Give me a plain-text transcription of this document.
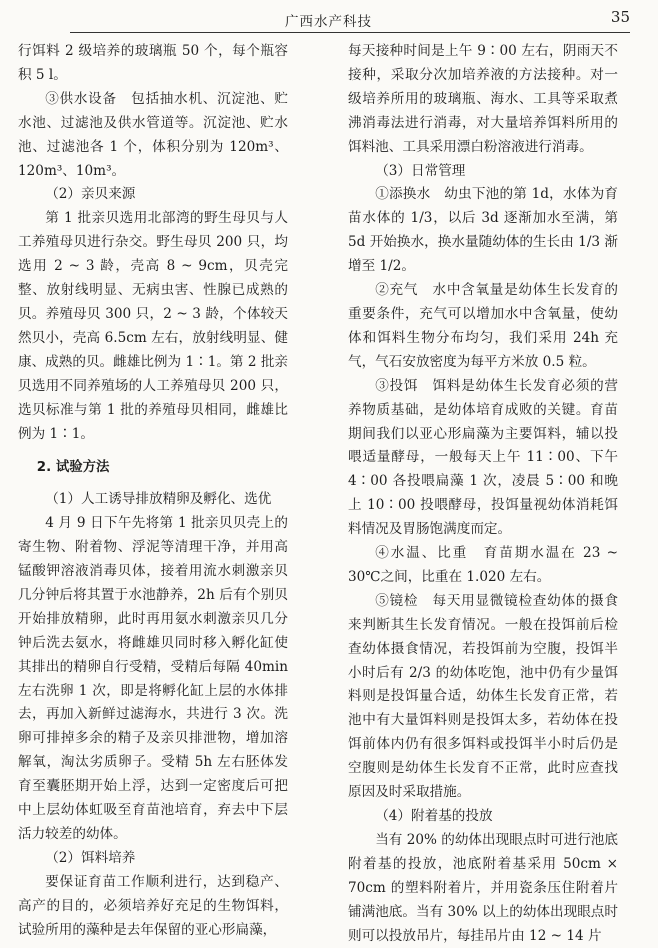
广西水产科技	35

行饵料 2 级培养的玻璃瓶 50 个，每个瓶容积 5 l。

③供水设备　包括抽水机、沉淀池、贮水池、过滤池及供水管道等。沉淀池、贮水池、过滤池各 1 个，体积分别为 120m³、120m³、10m³。

（2）亲贝来源

第 1 批亲贝选用北部湾的野生母贝与人工养殖母贝进行杂交。野生母贝 200 只，均选用 2 ~ 3 龄，壳高 8 ~ 9cm，贝壳完整、放射线明显、无病虫害、性腺已成熟的贝。养殖母贝 300 只，2 ~ 3 龄，个体较天然贝小，壳高 6.5cm 左右，放射线明显、健康、成熟的贝。雌雄比例为 1∶1。第 2 批亲贝选用不同养殖场的人工养殖母贝 200 只，选贝标准与第 1 批的养殖母贝相同，雌雄比例为 1∶1。

2. 试验方法

（1）人工诱导排放精卵及孵化、选优

4 月 9 日下午先将第 1 批亲贝贝壳上的寄生物、附着物、浮泥等清理干净，并用高锰酸钾溶液消毒贝体，接着用流水刺激亲贝几分钟后将其置于水池静养，2h 后有个别贝开始排放精卵，此时再用氨水刺激亲贝几分钟后洗去氨水，将雌雄贝同时移入孵化缸使其排出的精卵自行受精，受精后每隔 40min 左右洗卵 1 次，即是将孵化缸上层的水体排去，再加入新鲜过滤海水，共进行 3 次。洗卵可排掉多余的精子及亲贝排泄物，增加溶解氧，淘汰劣质卵子。受精 5h 左右胚体发育至囊胚期开始上浮，达到一定密度后可把中上层幼体虹吸至育苗池培育，弃去中下层活力较差的幼体。

（2）饵料培养

要保证育苗工作顺利进行，达到稳产、高产的目的，必须培养好充足的生物饵料，试验所用的藻种是去年保留的亚心形扁藻，

每天接种时间是上午 9∶00 左右，阴雨天不接种，采取分次加培养液的方法接种。对一级培养所用的玻璃瓶、海水、工具等采取煮沸消毒法进行消毒，对大量培养饵料所用的饵料池、工具采用漂白粉溶液进行消毒。

（3）日常管理

①添换水　幼虫下池的第 1d，水体为育苗水体的 1/3，以后 3d 逐渐加水至满，第 5d 开始换水，换水量随幼体的生长由 1/3 渐增至 1/2。

②充气　水中含氧量是幼体生长发育的重要条件，充气可以增加水中含氧量，使幼体和饵料生物分布均匀，我们采用 24h 充气，气石安放密度为每平方米放 0.5 粒。

③投饵　饵料是幼体生长发育必须的营养物质基础，是幼体培育成败的关键。育苗期间我们以亚心形扁藻为主要饵料，辅以投喂适量酵母，一般每天上午 11∶00、下午 4∶00 各投喂扁藻 1 次，凌晨 5∶00 和晚上 10∶00 投喂酵母，投饵量视幼体消耗饵料情况及胃肠饱满度而定。

④水温、比重　育苗期水温在 23 ~ 30℃之间，比重在 1.020 左右。

⑤镜检　每天用显微镜检查幼体的摄食来判断其生长发育情况。一般在投饵前后检查幼体摄食情况，若投饵前为空腹，投饵半小时后有 2/3 的幼体吃饱，池中仍有少量饵料则是投饵量合适，幼体生长发育正常，若池中有大量饵料则是投饵太多，若幼体在投饵前体内仍有很多饵料或投饵半小时后仍是空腹则是幼体生长发育不正常，此时应查找原因及时采取措施。

（4）附着基的投放

当有 20% 的幼体出现眼点时可进行池底附着基的投放，池底附着基采用 50cm × 70cm 的塑料附着片，并用瓷条压住附着片铺满池底。当有 30% 以上的幼体出现眼点时则可以投放吊片，每挂吊片由 12 ~ 14 片
